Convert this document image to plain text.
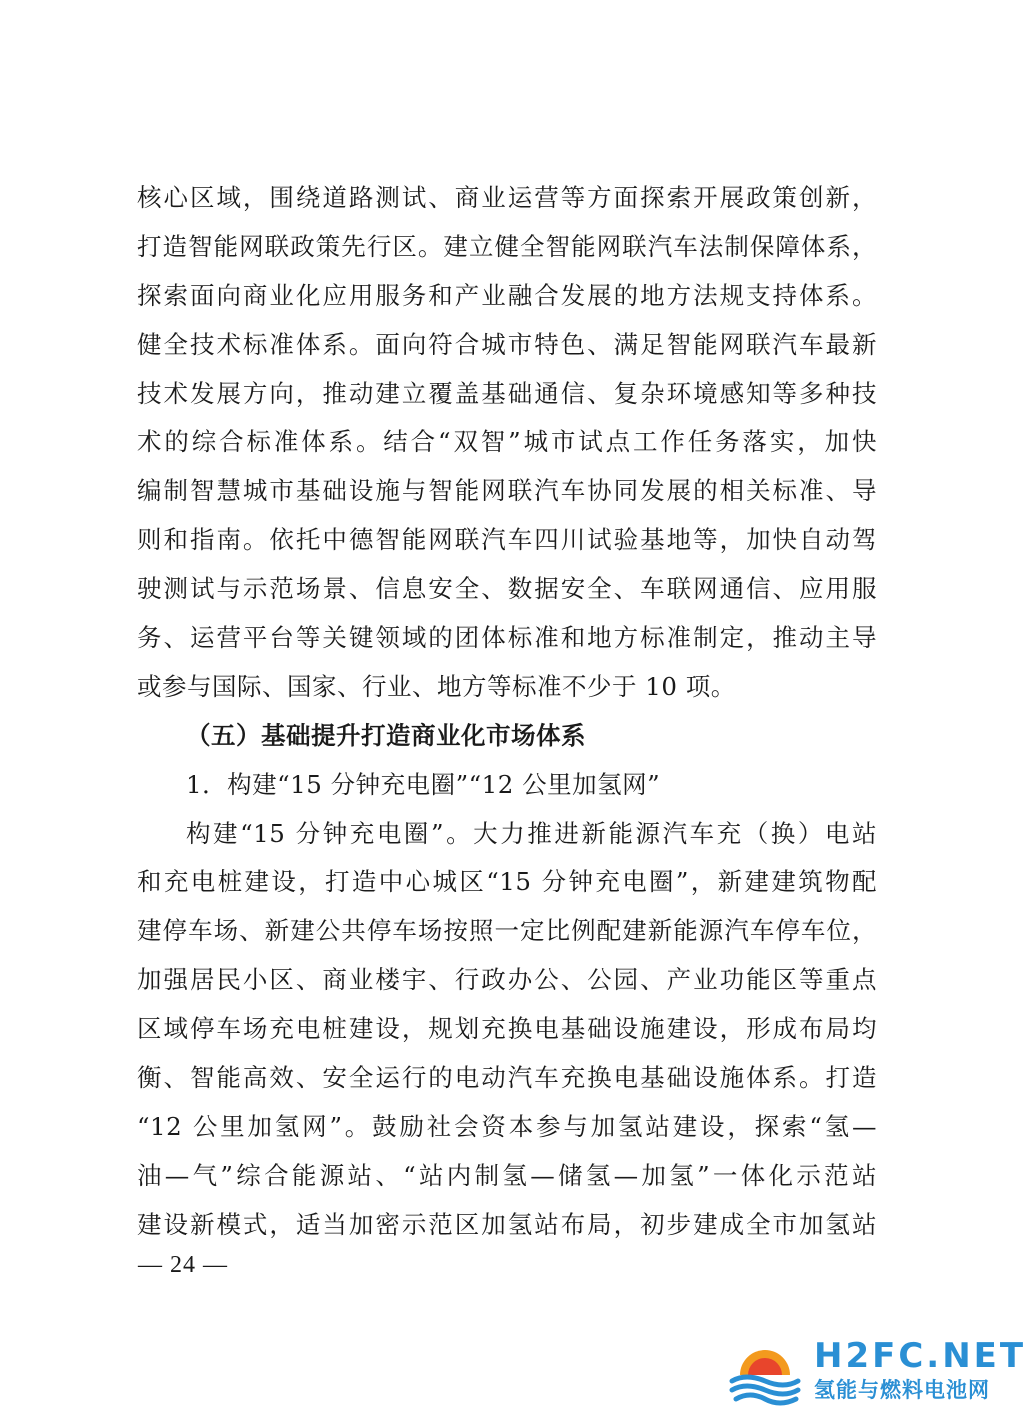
核心区域，围绕道路测试、商业运营等方面探索开展政策创新，
打造智能网联政策先行区。建立健全智能网联汽车法制保障体系，
探索面向商业化应用服务和产业融合发展的地方法规支持体系。
健全技术标准体系。面向符合城市特色、满足智能网联汽车最新
技术发展方向，推动建立覆盖基础通信、复杂环境感知等多种技
术的综合标准体系。结合“双智”城市试点工作任务落实，加快
编制智慧城市基础设施与智能网联汽车协同发展的相关标准、导
则和指南。依托中德智能网联汽车四川试验基地等，加快自动驾
驶测试与示范场景、信息安全、数据安全、车联网通信、应用服
务、运营平台等关键领域的团体标准和地方标准制定，推动主导
或参与国际、国家、行业、地方等标准不少于 10 项。
（五）基础提升打造商业化市场体系
1．构建“15 分钟充电圈”“12 公里加氢网”
构建“15 分钟充电圈”。大力推进新能源汽车充（换）电站
和充电桩建设，打造中心城区“15 分钟充电圈”，新建建筑物配
建停车场、新建公共停车场按照一定比例配建新能源汽车停车位，
加强居民小区、商业楼宇、行政办公、公园、产业功能区等重点
区域停车场充电桩建设，规划充换电基础设施建设，形成布局均
衡、智能高效、安全运行的电动汽车充换电基础设施体系。打造
“12 公里加氢网”。鼓励社会资本参与加氢站建设，探索“氢—
油—气”综合能源站、“站内制氢—储氢—加氢”一体化示范站
建设新模式，适当加密示范区加氢站布局，初步建成全市加氢站
— 24 —
H2FC.NET
氢能与燃料电池网
